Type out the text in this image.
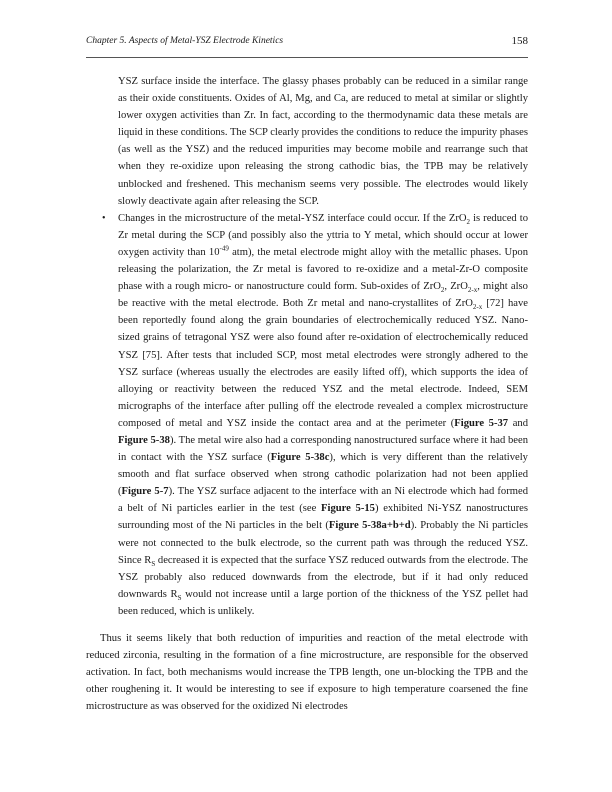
Chapter 5. Aspects of Metal-YSZ Electrode Kinetics	158

YSZ surface inside the interface. The glassy phases probably can be reduced in a similar range as their oxide constituents. Oxides of Al, Mg, and Ca, are reduced to metal at similar or slightly lower oxygen activities than Zr. In fact, according to the thermodynamic data these metals are liquid in these conditions. The SCP clearly provides the conditions to reduce the impurity phases (as well as the YSZ) and the reduced impurities may become mobile and rearrange such that when they re-oxidize upon releasing the strong cathodic bias, the TPB may be relatively unblocked and freshened. This mechanism seems very possible. The electrodes would likely slowly deactivate again after releasing the SCP.

• Changes in the microstructure of the metal-YSZ interface could occur. If the ZrO$_2$ is reduced to Zr metal during the SCP (and possibly also the yttria to Y metal, which should occur at lower oxygen activity than $10^{-49}$ atm), the metal electrode might alloy with the metallic phases. Upon releasing the polarization, the Zr metal is favored to re-oxidize and a metal-Zr-O composite phase with a rough micro- or nanostructure could form. Sub-oxides of ZrO$_2$, ZrO$_{2-x}$, might also be reactive with the metal electrode. Both Zr metal and nano-crystallites of ZrO$_{2-x}$ [72] have been reportedly found along the grain boundaries of electrochemically reduced YSZ. Nano-sized grains of tetragonal YSZ were also found after re-oxidation of electrochemically reduced YSZ [75]. After tests that included SCP, most metal electrodes were strongly adhered to the YSZ surface (whereas usually the electrodes are easily lifted off), which supports the idea of alloying or reactivity between the reduced YSZ and the metal electrode. Indeed, SEM micrographs of the interface after pulling off the electrode revealed a complex microstructure composed of metal and YSZ inside the contact area and at the perimeter (Figure 5-37 and Figure 5-38). The metal wire also had a corresponding nanostructured surface where it had been in contact with the YSZ surface (Figure 5-38c), which is very different than the relatively smooth and flat surface observed when strong cathodic polarization had not been applied (Figure 5-7). The YSZ surface adjacent to the interface with an Ni electrode which had formed a belt of Ni particles earlier in the test (see Figure 5-15) exhibited Ni-YSZ nanostructures surrounding most of the Ni particles in the belt (Figure 5-38a+b+d). Probably the Ni particles were not connected to the bulk electrode, so the current path was through the reduced YSZ. Since $R_S$ decreased it is expected that the surface YSZ reduced outwards from the electrode. The YSZ probably also reduced downwards from the electrode, but if it had only reduced downwards $R_S$ would not increase until a large portion of the thickness of the YSZ pellet had been reduced, which is unlikely.

Thus it seems likely that both reduction of impurities and reaction of the metal electrode with reduced zirconia, resulting in the formation of a fine microstructure, are responsible for the observed activation. In fact, both mechanisms would increase the TPB length, one un-blocking the TPB and the other roughening it. It would be interesting to see if exposure to high temperature coarsened the fine microstructure as was observed for the oxidized Ni electrodes
